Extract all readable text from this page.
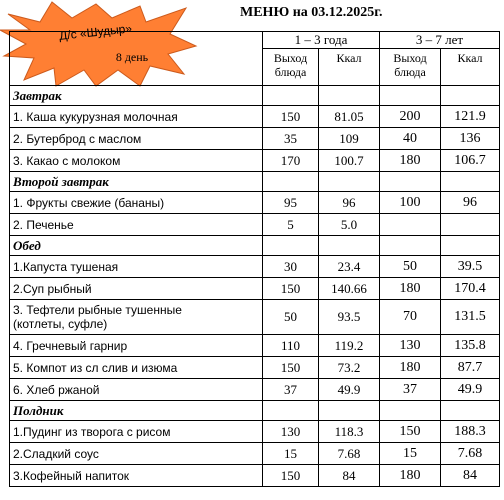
Д/с «Шудыр»
МЕНЮ на 03.12.2025г.
8 день	1 – 3 года		3 – 7 лет	
	Выход блюда	Ккал	Выход блюда	Ккал
Завтрак				

1. Каша кукурузная молочная	150	81.05	200	121.9

2. Бутерброд с маслом	35	109	40	136

3. Какао с молоком	170	100.7	180	106.7
Второй завтрак				

1. Фрукты свежие (бананы)	95	96	100	96

2. Печенье	5	5.0		
Обед				

1.Капуста тушеная	30	23.4	50	39.5

2.Суп рыбный	150	140.66	180	170.4

3. Тефтели рыбные тушенные
(котлеты, суфле)	50	93.5	70	131.5

4. Гречневый гарнир	110	119.2	130	135.8

5. Компот из сл слив и изюма	150	73.2	180	87.7

6. Хлеб ржаной	37	49.9	37	49.9
Полдник				

1.Пудинг из творога с рисом	130	118.3	150	188.3

2.Сладкий соус	15	7.68	15	7.68

3.Кофейный напиток	150	84	180	84
